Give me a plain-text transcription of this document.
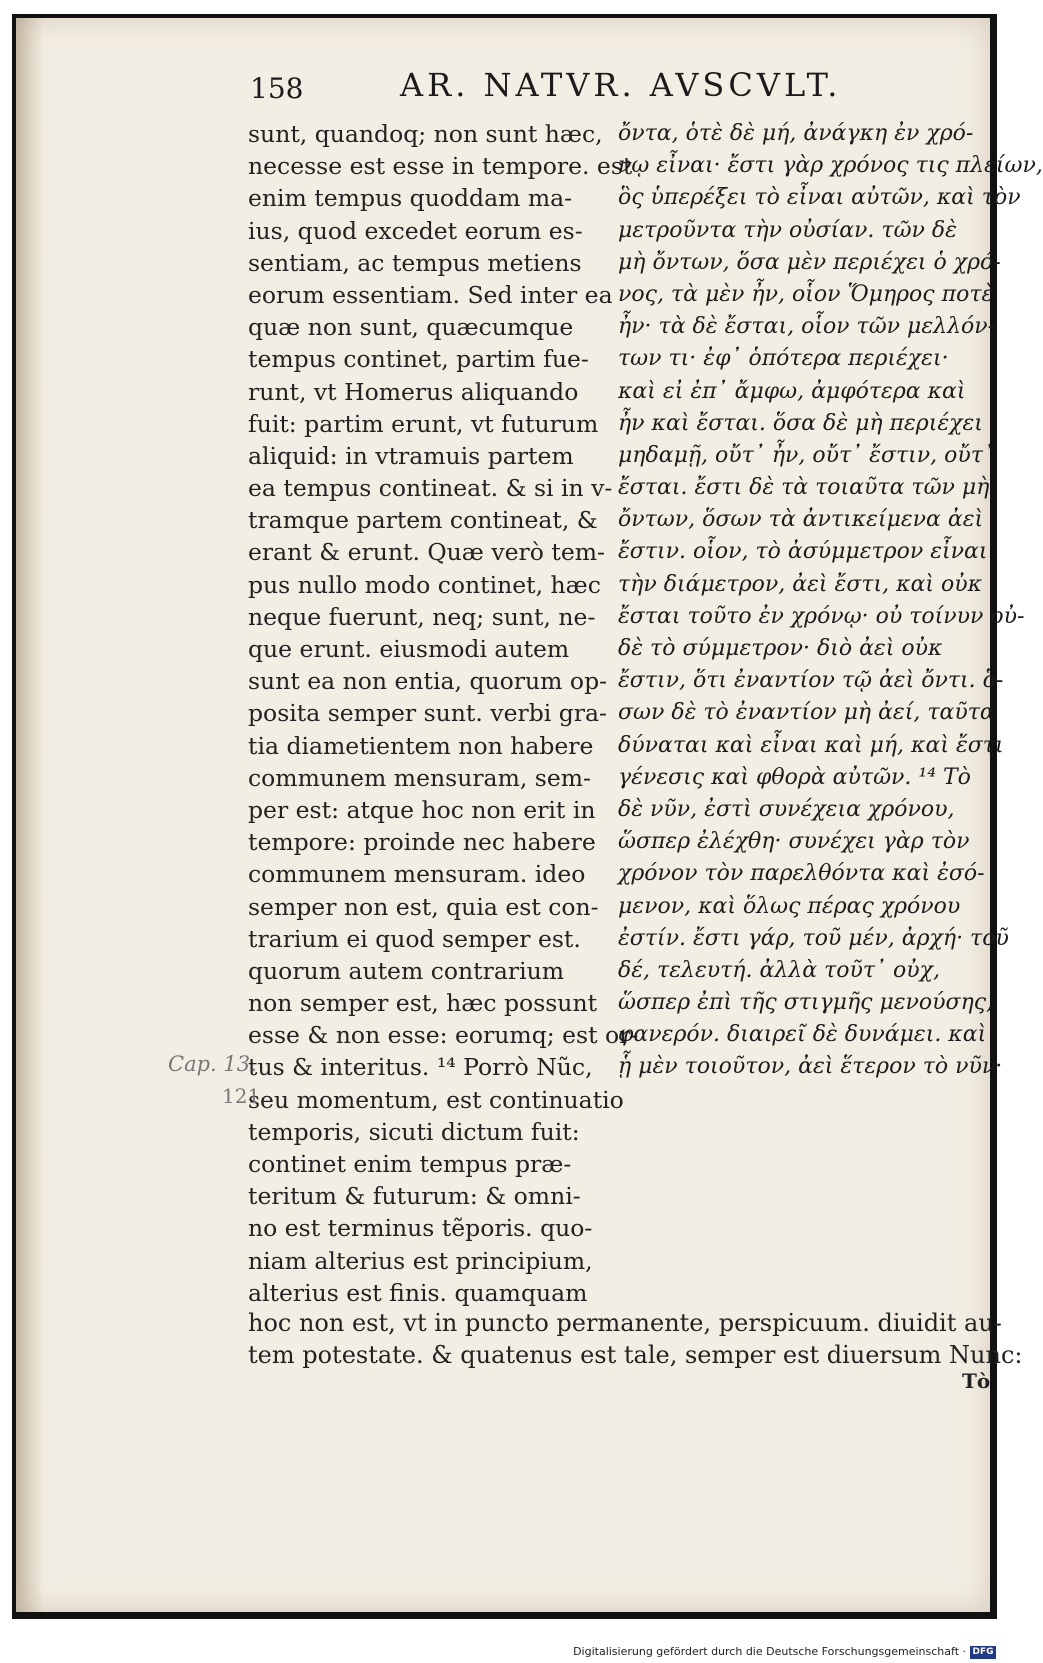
158	AR. NATVR. AVSCVLT.
sunt, quandoq; non sunt hæc,
necesse est esse in tempore. est
enim tempus quoddam ma-
ius, quod excedet eorum es-
sentiam, ac tempus metiens
eorum essentiam. Sed inter ea
quæ non sunt, quæcumque
tempus continet, partim fue-
runt, vt Homerus aliquando
fuit: partim erunt, vt futurum
aliquid: in vtramuis partem
ea tempus contineat. & si in v-
tramque partem contineat, &
erant & erunt. Quæ verò tem-
pus nullo modo continet, hæc
neque fuerunt, neq; sunt, ne-
que erunt. eiusmodi autem
sunt ea non entia, quorum op-
posita semper sunt. verbi gra-
tia diametientem non habere
communem mensuram, sem-
per est: atque hoc non erit in
tempore: proinde nec habere
communem mensuram. ideo
semper non est, quia est con-
trarium ei quod semper est.
quorum autem contrarium
non semper est, hæc possunt
esse & non esse: eorumq; est or-
tus & interitus. ¹⁴ Porrò Nũc,
seu momentum, est continuatio
temporis, sicuti dictum fuit:
continet enim tempus præ-
teritum & futurum: & omni-
no est terminus tẽporis. quo-
niam alterius est principium,
alterius est finis. quamquam
ὄντα, ὁτὲ δὲ μή, ἀνάγκη ἐν χρό-
νῳ εἶναι· ἔστι γὰρ χρόνος τις πλείων,
ὃς ὑπερέξει τὸ εἶναι αὐτῶν, καὶ τὸν
μετροῦντα τὴν οὐσίαν. τῶν δὲ
μὴ ὄντων, ὅσα μὲν περιέχει ὁ χρό-
νος, τὰ μὲν ἦν, οἷον Ὅμηρος ποτὲ
ἦν· τὰ δὲ ἔσται, οἷον τῶν μελλόν-
των τι· ἐφ᾽ ὁπότερα περιέχει·
καὶ εἰ ἐπ᾽ ἄμφω, ἀμφότερα καὶ
ἦν καὶ ἔσται. ὅσα δὲ μὴ περιέχει
μηδαμῇ, οὔτ᾽ ἦν, οὔτ᾽ ἔστιν, οὔτ᾽
ἔσται. ἔστι δὲ τὰ τοιαῦτα τῶν μὴ
ὄντων, ὅσων τὰ ἀντικείμενα ἀεὶ
ἔστιν. οἷον, τὸ ἀσύμμετρον εἶναι
τὴν διάμετρον, ἀεὶ ἔστι, καὶ οὐκ
ἔσται τοῦτο ἐν χρόνῳ· οὐ τοίνυν οὐ-
δὲ τὸ σύμμετρον· διὸ ἀεὶ οὐκ
ἔστιν, ὅτι ἐναντίον τῷ ἀεὶ ὄντι. ὅ-
σων δὲ τὸ ἐναντίον μὴ ἀεί, ταῦτα
δύναται καὶ εἶναι καὶ μή, καὶ ἔστι
γένεσις καὶ φθορὰ αὐτῶν. ¹⁴ Τὸ
δὲ νῦν, ἐστὶ συνέχεια χρόνου,
ὥσπερ ἐλέχθη· συνέχει γὰρ τὸν
χρόνον τὸν παρελθόντα καὶ ἐσό-
μενον, καὶ ὅλως πέρας χρόνου
ἐστίν. ἔστι γάρ, τοῦ μέν, ἀρχή· τοῦ
δέ, τελευτή. ἀλλὰ τοῦτ᾽ οὐχ,
ὥσπερ ἐπὶ τῆς στιγμῆς μενούσης,
φανερόν. διαιρεῖ δὲ δυνάμει. καὶ
ᾗ μὲν τοιοῦτον, ἀεὶ ἕτερον τὸ νῦν·
hoc non est, vt in puncto permanente, perspicuum. diuidit au-
tem potestate. & quatenus est tale, semper est diuersum Nunc:
Cap. 13.
121
Τὸ
Digitalisierung gefördert durch die Deutsche Forschungsgemeinschaft · DFG
